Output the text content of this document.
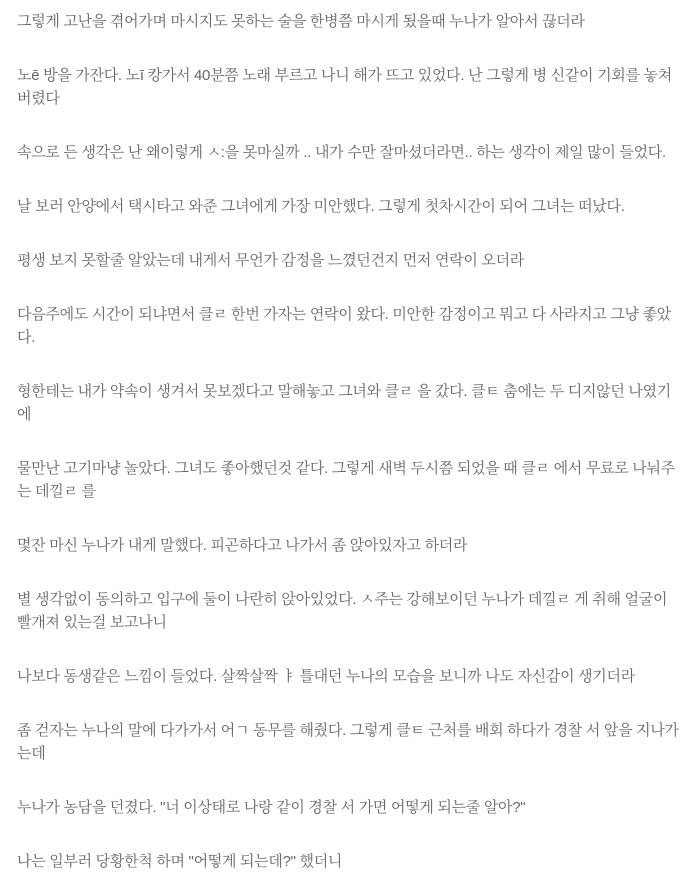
그렇게 고난을 겪어가며 마시지도 못하는 술을 한병쯤 마시게 됬을때 누나가 알아서 끊더라

노ē 방을 가잔다. 노ī 캉가서 40분쯤 노래 부르고 나니 해가 뜨고 있었다. 난 그렇게 병 신같이 기회를 놓쳐버렸다

속으로 든 생각은 난 왜이렇게 ㅅ:을 못마실까 .. 내가 수만 잘마셨더라면.. 하는 생각이 제일 많이 들었다.

날 보러 안양에서 택시타고 와준 그녀에게 가장 미안했다. 그렇게 첫차시간이 되어 그녀는 떠났다.

평생 보지 못할줄 알았는데 내게서 무언가 감정을 느꼈던건지 먼저 연락이 오더라

다음주에도 시간이 되냐면서 클ㄹ 한번 가자는 연락이 왔다. 미안한 감정이고 뭐고 다 사라지고 그냥 좋았다.

형한테는 내가 약속이 생겨서 못보겠다고 말해놓고 그녀와 클ㄹ 을 갔다. 클ㅌ 춤에는 두 디지않던 나였기에

물만난 고기마냥 놀았다. 그녀도 좋아했던것 같다. 그렇게 새벽 두시쯤 되었을 때 클ㄹ 에서 무료로 나눠주는 데낄ㄹ 를

몇잔 마신 누나가 내게 말했다. 피곤하다고 나가서 좀 앉아있자고 하더라

별 생각없이 동의하고 입구에 둘이 나란히 앉아있었다. ㅅ주는 강해보이던 누나가 데낄ㄹ 게 취해 얼굴이 빨개져 있는걸 보고나니

나보다 동생같은 느낌이 들었다. 살짝살짝 ㅑ 틀대던 누나의 모습을 보니까 나도 자신감이 생기더라

좀 걷자는 누나의 말에 다가가서 어ㄱ 동무를 해줬다. 그렇게 클ㅌ 근처를 배회 하다가 경찰 서 앞을 지나가는데

누나가 농담을 던졌다. "너 이상태로 나랑 같이 경찰 서 가면 어떻게 되는줄 알아?"

나는 일부러 당황한척 하며 "어떻게 되는데?" 했더니
